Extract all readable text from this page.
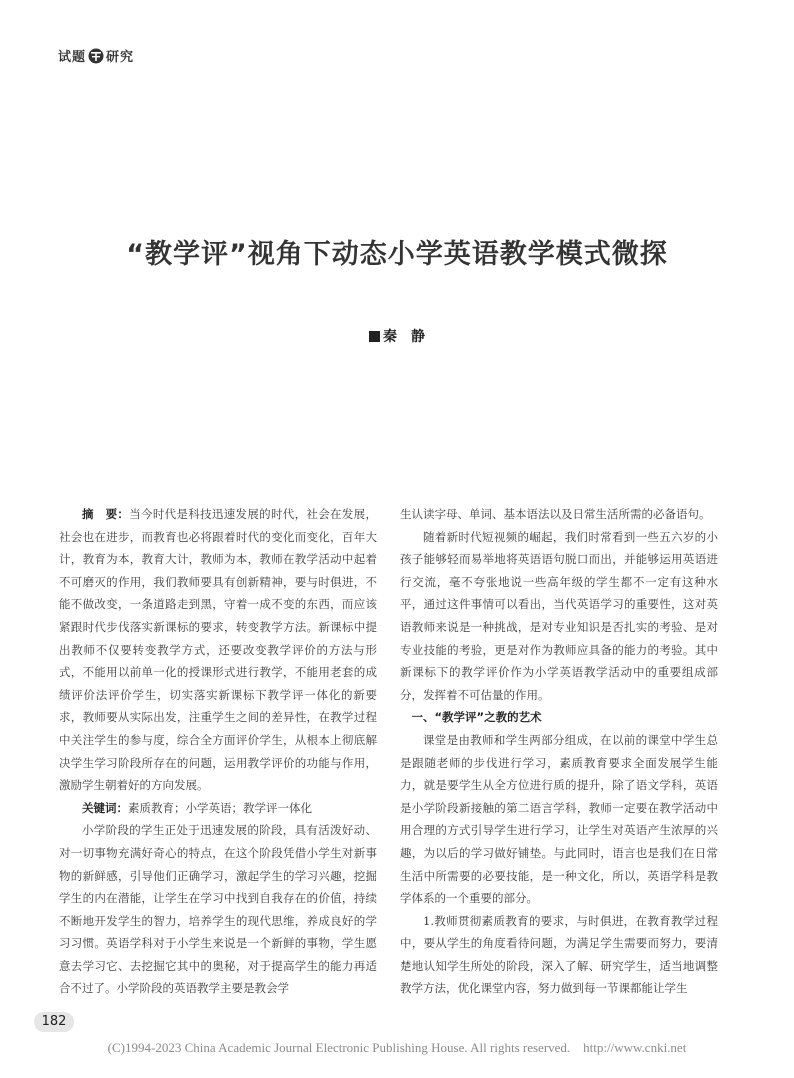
试题 研究
“教学评”视角下动态小学英语教学模式微探
秦　静

摘　要：当今时代是科技迅速发展的时代，社会在发展，社会也在进步，而教育也必将跟着时代的变化而变化，百年大计，教育为本，教育大计，教师为本，教师在教学活动中起着不可磨灭的作用，我们教师要具有创新精神，要与时俱进，不能不做改变，一条道路走到黑，守着一成不变的东西，而应该紧跟时代步伐落实新课标的要求，转变教学方法。新课标中提出教师不仅要转变教学方式，还要改变教学评价的方法与形式，不能用以前单一化的授课形式进行教学，不能用老套的成绩评价法评价学生，切实落实新课标下教学评一体化的新要求，教师要从实际出发，注重学生之间的差异性，在教学过程中关注学生的参与度，综合全方面评价学生，从根本上彻底解决学生学习阶段所存在的问题，运用教学评价的功能与作用，激励学生朝着好的方向发展。

关键词：素质教育；小学英语；教学评一体化

小学阶段的学生正处于迅速发展的阶段，具有活泼好动、对一切事物充满好奇心的特点，在这个阶段凭借小学生对新事物的新鲜感，引导他们正确学习，激起学生的学习兴趣，挖掘学生的内在潜能，让学生在学习中找到自我存在的价值，持续不断地开发学生的智力，培养学生的现代思维，养成良好的学习习惯。英语学科对于小学生来说是一个新鲜的事物，学生愿意去学习它、去挖掘它其中的奥秘，对于提高学生的能力再适合不过了。小学阶段的英语教学主要是教会学

生认读字母、单词、基本语法以及日常生活所需的必备语句。

随着新时代短视频的崛起，我们时常看到一些五六岁的小孩子能够轻而易举地将英语语句脱口而出，并能够运用英语进行交流，毫不夸张地说一些高年级的学生都不一定有这种水平，通过这件事情可以看出，当代英语学习的重要性，这对英语教师来说是一种挑战，是对专业知识是否扎实的考验、是对专业技能的考验，更是对作为教师应具备的能力的考验。其中新课标下的教学评价作为小学英语教学活动中的重要组成部分，发挥着不可估量的作用。

一、“教学评”之教的艺术

课堂是由教师和学生两部分组成，在以前的课堂中学生总是跟随老师的步伐进行学习，素质教育要求全面发展学生能力，就是要学生从全方位进行质的提升，除了语文学科，英语是小学阶段新接触的第二语言学科，教师一定要在教学活动中用合理的方式引导学生进行学习，让学生对英语产生浓厚的兴趣，为以后的学习做好铺垫。与此同时，语言也是我们在日常生活中所需要的必要技能，是一种文化，所以，英语学科是教学体系的一个重要的部分。

1.教师贯彻素质教育的要求，与时俱进，在教育教学过程中，要从学生的角度看待问题，为满足学生需要而努力，要清楚地认知学生所处的阶段，深入了解、研究学生，适当地调整教学方法，优化课堂内容，努力做到每一节课都能让学生

182
(C)1994-2023 China Academic Journal Electronic Publishing House. All rights reserved.    http://www.cnki.net
